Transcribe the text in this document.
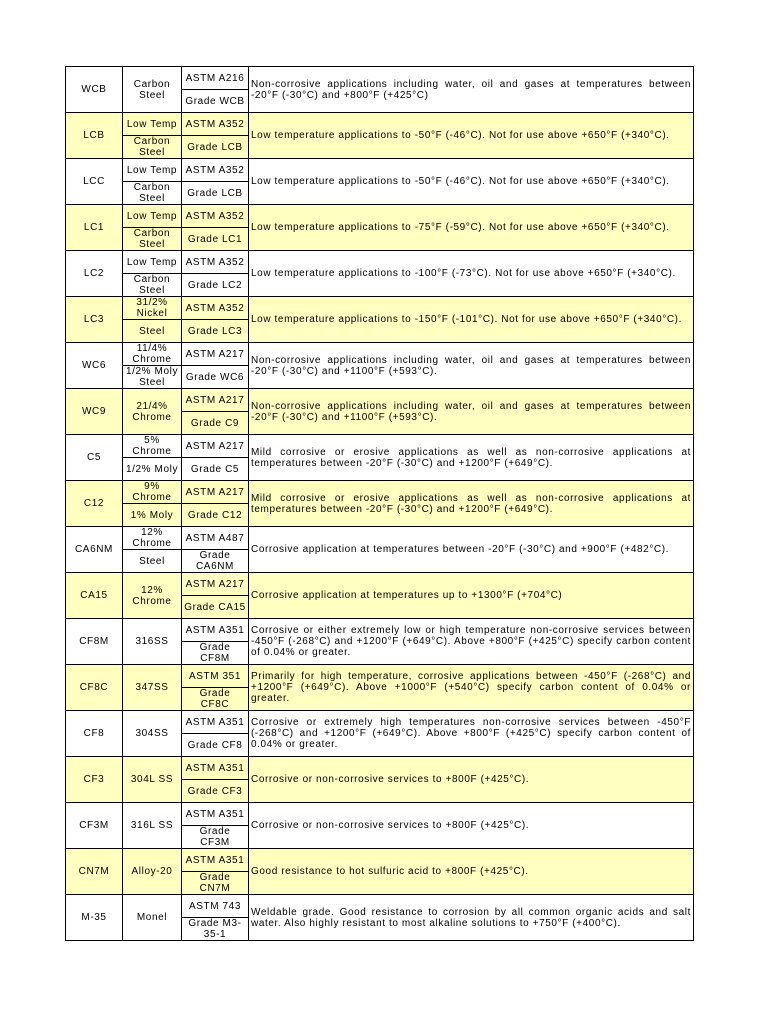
WCB	Carbon Steel	ASTM A216	Non-corrosive applications including water, oil and gases at temperatures between -20°F (-30°C) and +800°F (+425°C)
		Grade WCB	
LCB	Low Temp	ASTM A352	Low temperature applications to -50°F (-46°C). Not for use above +650°F (+340°C).
	Carbon Steel	Grade LCB	
LCC	Low Temp	ASTM A352	Low temperature applications to -50°F (-46°C). Not for use above +650°F (+340°C).
	Carbon Steel	Grade LCB	
LC1	Low Temp	ASTM A352	Low temperature applications to -75°F (-59°C). Not for use above +650°F (+340°C).
	Carbon Steel	Grade LC1	
LC2	Low Temp	ASTM A352	Low temperature applications to -100°F (-73°C). Not for use above +650°F (+340°C).
	Carbon Steel	Grade LC2	
LC3	31/2% Nickel	ASTM A352	Low temperature applications to -150°F (-101°C). Not for use above +650°F (+340°C).
	Steel	Grade LC3	
WC6	11/4% Chrome	ASTM A217	Non-corrosive applications including water, oil and gases at temperatures between -20°F (-30°C) and +1100°F (+593°C).
	1/2% Moly Steel	Grade WC6	
WC9	21/4% Chrome	ASTM A217	Non-corrosive applications including water, oil and gases at temperatures between -20°F (-30°C) and +1100°F (+593°C).
		Grade C9	
C5	5% Chrome	ASTM A217	Mild corrosive or erosive applications as well as non-corrosive applications at temperatures between -20°F (-30°C) and +1200°F (+649°C).
	1/2% Moly	Grade C5	
C12	9% Chrome	ASTM A217	Mild corrosive or erosive applications as well as non-corrosive applications at temperatures between -20°F (-30°C) and +1200°F (+649°C).
	1% Moly	Grade C12	
CA6NM	12% Chrome	ASTM A487	Corrosive application at temperatures between -20°F (-30°C) and +900°F (+482°C).
	Steel	Grade CA6NM	
CA15	12% Chrome	ASTM A217	Corrosive application at temperatures up to +1300°F (+704°C)
		Grade CA15	
CF8M	316SS	ASTM A351	Corrosive or either extremely low or high temperature non-corrosive services between -450°F (-268°C) and +1200°F (+649°C). Above +800°F (+425°C) specify carbon content of 0.04% or greater.
		Grade CF8M	
CF8C	347SS	ASTM 351	Primarily for high temperature, corrosive applications between -450°F (-268°C) and +1200°F (+649°C). Above +1000°F (+540°C) specify carbon content of 0.04% or greater.
		Grade CF8C	
CF8	304SS	ASTM A351	Corrosive or extremely high temperatures non-corrosive services between -450°F (-268°C) and +1200°F (+649°C). Above +800°F (+425°C) specify carbon content of 0.04% or greater.
		Grade CF8	
CF3	304L SS	ASTM A351	Corrosive or non-corrosive services to +800F (+425°C).
		Grade CF3	
CF3M	316L SS	ASTM A351	Corrosive or non-corrosive services to +800F (+425°C).
		Grade CF3M	
CN7M	Alloy-20	ASTM A351	Good resistance to hot sulfuric acid to +800F (+425°C).
		Grade CN7M	
M-35	Monel	ASTM 743	Weldable grade. Good resistance to corrosion by all common organic acids and salt water. Also highly resistant to most alkaline solutions to +750°F (+400°C).
		Grade M3-35-1	
